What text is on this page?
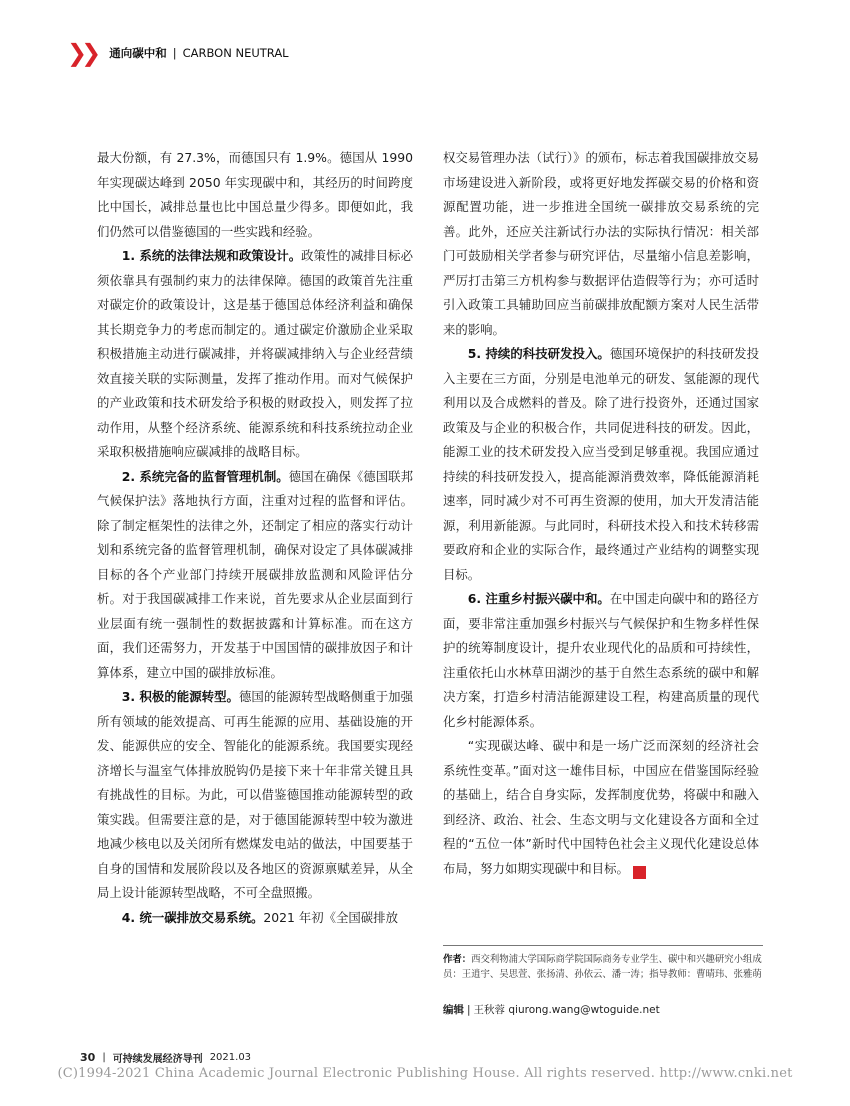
❯❯ 通向碳中和 | CARBON NEUTRAL

最大份额，有 27.3%，而德国只有 1.9%。德国从 1990 年实现碳达峰到 2050 年实现碳中和，其经历的时间跨度比中国长，减排总量也比中国总量少得多。即便如此，我们仍然可以借鉴德国的一些实践和经验。

1. 系统的法律法规和政策设计。政策性的减排目标必须依靠具有强制约束力的法律保障。德国的政策首先注重对碳定价的政策设计，这是基于德国总体经济利益和确保其长期竞争力的考虑而制定的。通过碳定价激励企业采取积极措施主动进行碳减排，并将碳减排纳入与企业经营绩效直接关联的实际测量，发挥了推动作用。而对气候保护的产业政策和技术研发给予积极的财政投入，则发挥了拉动作用，从整个经济系统、能源系统和科技系统拉动企业采取积极措施响应碳减排的战略目标。

2. 系统完备的监督管理机制。德国在确保《德国联邦气候保护法》落地执行方面，注重对过程的监督和评估。除了制定框架性的法律之外，还制定了相应的落实行动计划和系统完备的监督管理机制，确保对设定了具体碳减排目标的各个产业部门持续开展碳排放监测和风险评估分析。对于我国碳减排工作来说，首先要求从企业层面到行业层面有统一强制性的数据披露和计算标准。而在这方面，我们还需努力，开发基于中国国情的碳排放因子和计算体系，建立中国的碳排放标准。

3. 积极的能源转型。德国的能源转型战略侧重于加强所有领域的能效提高、可再生能源的应用、基础设施的开发、能源供应的安全、智能化的能源系统。我国要实现经济增长与温室气体排放脱钩仍是接下来十年非常关键且具有挑战性的目标。为此，可以借鉴德国推动能源转型的政策实践。但需要注意的是，对于德国能源转型中较为激进地减少核电以及关闭所有燃煤发电站的做法，中国要基于自身的国情和发展阶段以及各地区的资源禀赋差异，从全局上设计能源转型战略，不可全盘照搬。

4. 统一碳排放交易系统。2021 年初《全国碳排放

权交易管理办法（试行）》的颁布，标志着我国碳排放交易市场建设进入新阶段，或将更好地发挥碳交易的价格和资源配置功能，进一步推进全国统一碳排放交易系统的完善。此外，还应关注新试行办法的实际执行情况：相关部门可鼓励相关学者参与研究评估，尽量缩小信息差影响，严厉打击第三方机构参与数据评估造假等行为；亦可适时引入政策工具辅助回应当前碳排放配额方案对人民生活带来的影响。

5. 持续的科技研发投入。德国环境保护的科技研发投入主要在三方面，分别是电池单元的研发、氢能源的现代利用以及合成燃料的普及。除了进行投资外，还通过国家政策及与企业的积极合作，共同促进科技的研发。因此，能源工业的技术研发投入应当受到足够重视。我国应通过持续的科技研发投入，提高能源消费效率，降低能源消耗速率，同时减少对不可再生资源的使用，加大开发清洁能源，利用新能源。与此同时，科研技术投入和技术转移需要政府和企业的实际合作，最终通过产业结构的调整实现目标。

6. 注重乡村振兴碳中和。在中国走向碳中和的路径方面，要非常注重加强乡村振兴与气候保护和生物多样性保护的统筹制度设计，提升农业现代化的品质和可持续性，注重依托山水林草田湖沙的基于自然生态系统的碳中和解决方案，打造乡村清洁能源建设工程，构建高质量的现代化乡村能源体系。

“实现碳达峰、碳中和是一场广泛而深刻的经济社会系统性变革。”面对这一雄伟目标，中国应在借鉴国际经验的基础上，结合自身实际，发挥制度优势，将碳中和融入到经济、政治、社会、生态文明与文化建设各方面和全过程的“五位一体”新时代中国特色社会主义现代化建设总体布局，努力如期实现碳中和目标。	✦

作者：西交利物浦大学国际商学院国际商务专业学生、碳中和兴趣研究小组成员：王逍宇、吴思萱、张扬清、孙依云、潘一涛；指导教师：曹晴玮、张雅萌
编辑 | 王秋蓉 qiurong.wang@wtoguide.net
30 | 可持续发展经济导刊 2021.03
(C)1994-2021 China Academic Journal Electronic Publishing House. All rights reserved. http://www.cnki.net
